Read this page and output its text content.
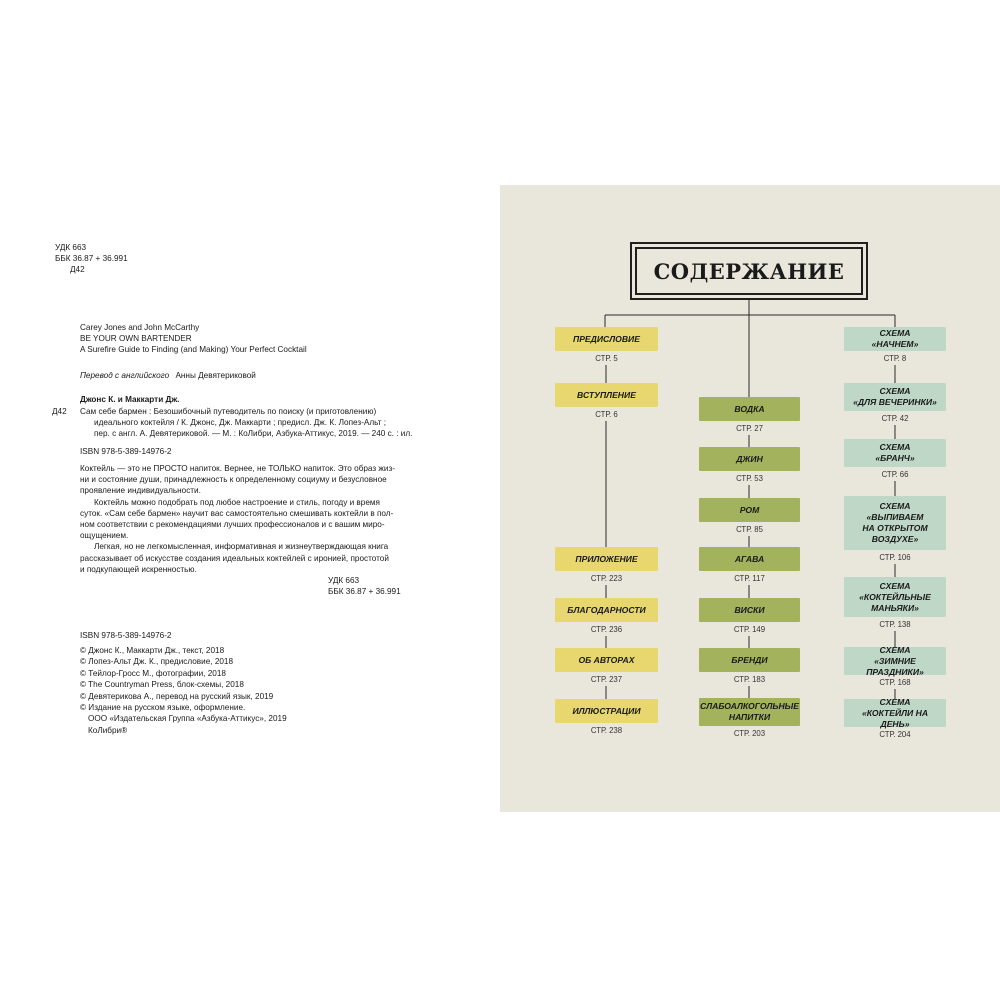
УДК 663
ББК 36.87 + 36.991
Д42
Carey Jones and John McCarthy
BE YOUR OWN BARTENDER
A Surefire Guide to Finding (and Making) Your Perfect Cocktail
Перевод с английского Анны Девятериковой
Джонс К. и Маккарти Дж.
Д42 Сам себе бармен : Безошибочный путеводитель по поиску (и приготовлению)
идеальногo коктейля / К. Джонс, Дж. Маккарти ; предисл. Дж. К. Лопез-Альт ;
пер. с англ. А. Девятериковой. — М. : КоЛибри, Азбука-Аттикус, 2019. — 240 с. : ил.
ISBN 978-5-389-14976-2
Коктейль — это не ПРОСТО напиток. Вернее, не ТОЛЬКО напиток. Это образ жиз-
ни и состояние души, принадлежность к определенному социуму и безусловное
проявление индивидуальности.
Коктейль можно подобрать под любое настроение и стиль, погоду и время
суток. «Сам себе бармен» научит вас самостоятельно смешивать коктейли в пол-
ном соответствии с рекомендациями лучших профессионалов и с вашим миро-
ощущением.
Легкая, но не легкомысленная, информативная и жизнеутверждающая книга
рассказывает об искусстве создания идеальных коктейлей с иронией, простотой
и подкупающей искренностью.
УДК 663
ББК 36.87 + 36.991
ISBN 978-5-389-14976-2
© Джонс К., Маккарти Дж., текст, 2018
© Лопез-Альт Дж. К., предисловие, 2018
© Тейлор-Гросс М., фотографии, 2018
© The Countryman Press, блок-схемы, 2018
© Девятерикова А., перевод на русский язык, 2019
© Издание на русском языке, оформление.
ООО «Издательская Группа «Азбука-Аттикус», 2019
КоЛибри®
СОДЕРЖАНИЕ
ПРЕДИСЛОВИЕ
СТР. 5
ВСТУПЛЕНИЕ
СТР. 6
ПРИЛОЖЕНИЕ
СТР. 223
БЛАГОДАРНОСТИ
СТР. 236
ОБ АВТОРАХ
СТР. 237
ИЛЛЮСТРАЦИИ
СТР. 238
ВОДКА
СТР. 27
ДЖИН
СТР. 53
РОМ
СТР. 85
АГАВА
СТР. 117
ВИСКИ
СТР. 149
БРЕНДИ
СТР. 183
СЛАБОАЛКОГОЛЬНЫЕ
НАПИТКИ
СТР. 203
СХЕМА
«НАЧНЕМ»
СТР. 8
СХЕМА
«ДЛЯ ВЕЧЕРИНКИ»
СТР. 42
СХЕМА
«БРАНЧ»
СТР. 66
СХЕМА
«ВЫПИВАЕМ
НА ОТКРЫТОМ
ВОЗДУХЕ»
СТР. 106
СХЕМА
«КОКТЕЙЛЬНЫЕ
МАНЬЯКИ»
СТР. 138
СХЕМА
«ЗИМНИЕ
ПРАЗДНИКИ»
СТР. 168
СХЕМА
«КОКТЕЙЛИ НА
ДЕНЬ»
СТР. 204
